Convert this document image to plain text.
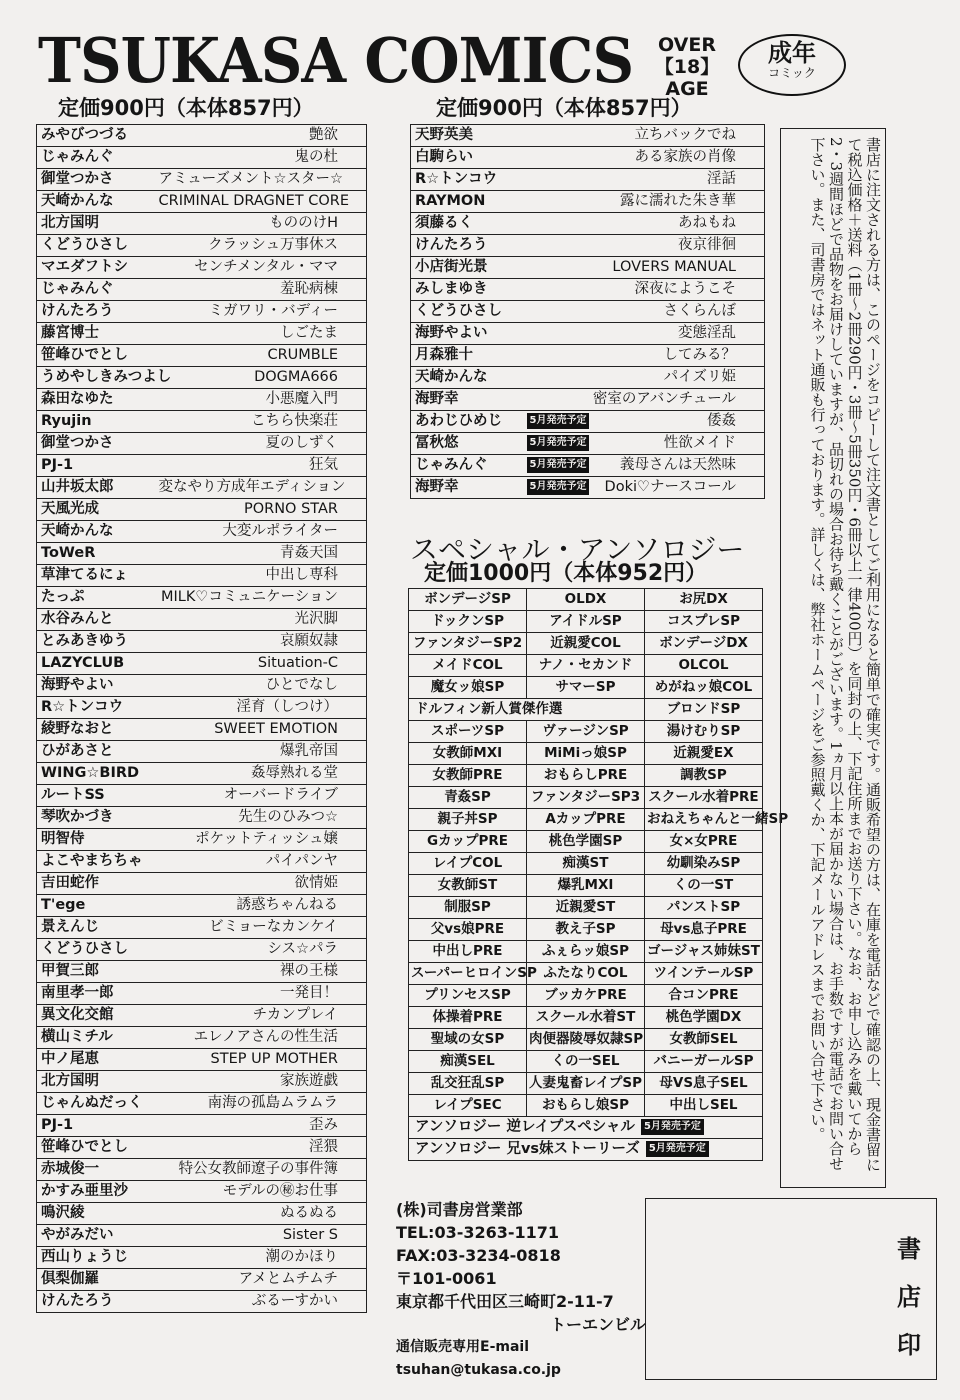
TSUKASA COMICS	OVER
【18】
AGE
成年
コミック
定価900円（本体857円）	定価900円（本体857円）
みやびつづる	艶欲
じゃみんぐ	鬼の杜
御堂つかさ	アミューズメント☆スター☆
天崎かんな	CRIMINAL DRAGNET CORE
北方国明	もののけH
くどうひさし	クラッシュ万事休ス
マエダフトシ	センチメンタル・ママ
じゃみんぐ	羞恥病棟
けんたろう	ミガワリ・バディー
藤宮博士	しごたま
笹峰ひでとし	CRUMBLE
うめやしきみつよし	DOGMA666
森田なゆた	小悪魔入門
Ryujin	こちら快楽荘
御堂つかさ	夏のしずく
PJ-1	狂気
山井坂太郎	変なやり方成年エディション
天風光成	PORNO STAR
天崎かんな	大変ルポライター
ToWeR	青姦天国
草津てるにょ	中出し専科
たっぷ	MILK♡コミュニケーション
水谷みんと	光沢脚
とみあきゆう	哀願奴隷
LAZYCLUB	Situation-C
海野やよい	ひとでなし
R☆トンコウ	淫育（しつけ）
綾野なおと	SWEET EMOTION
ひがあさと	爆乳帝国
WING☆BIRD	姦辱熟れる堂
ルートSS	オーバードライブ
琴吹かづき	先生のひみつ☆
明智侍	ポケットティッシュ嬢
よこやまちちゃ	パイパンヤ
吉田蛇作	欲情姫
T'ege	誘惑ちゃんねる
景えんじ	ビミョーなカンケイ
くどうひさし	シス☆パラ
甲賀三郎	裸の王様
南里孝一郎	一発目！
異文化交館	チカンプレイ
横山ミチル	エレノアさんの性生活
中ノ尾恵	STEP UP MOTHER
北方国明	家族遊戯
じゃんぬだっく	南海の孤島ムラムラ
PJ-1	歪み
笹峰ひでとし	淫猥
赤城俊一	特公女教師遼子の事件簿
かすみ亜里沙	モデルの㊙お仕事
鳴沢綾	ぬるぬる
やがみだい	Sister S
西山りょうじ	潮のかほり
倶梨伽羅	アメとムチムチ
けんたろう	ぶるーすかい
天野英美	立ちバックでね
白駒らい	ある家族の肖像
R☆トンコウ	淫話
RAYMON	露に濡れた朱き華
須藤るく	あねもね
けんたろう	夜京徘徊
小店街光景	LOVERS MANUAL
みしまゆき	深夜にようこそ
くどうひさし	さくらんぼ
海野やよい	変態淫乱
月森雅十	してみる？
天崎かんな	パイズリ姫
海野幸	密室のアバンチュール
あわじひめじ	5月発売予定 倭姦

冨秋悠	5月発売予定 性欲メイド

じゃみんぐ	5月発売予定 義母さんは天然味

海野幸	5月発売予定 Doki♡ナースコール
スペシャル・アンソロジー
定価1000円（本体952円）
ボンデージSP	OLDX	お尻DX
ドックンSP	アイドルSP	コスプレSP
ファンタジーSP2	近親愛COL	ボンデージDX
メイドCOL	ナノ・セカンド	OLCOL
魔女ッ娘SP	サマーSP	めがねッ娘COL
ドルフィン新人賞傑作選		ブロンドSP
スポーツSP	ヴァージンSP	湯けむりSP
女教師MXI	MiMiっ娘SP	近親愛EX
女教師PRE	おもらしPRE	調教SP
青姦SP	ファンタジーSP3	スクール水着PRE
親子丼SP	AカップPRE	おねえちゃんと一緒SP
GカップPRE	桃色学園SP	女×女PRE
レイプCOL	痴漢ST	幼馴染みSP
女教師ST	爆乳MXI	くの一ST
制服SP	近親愛ST	パンストSP
父vs娘PRE	教え子SP	母vs息子PRE
中出しPRE	ふぇらッ娘SP	ゴージャス姉妹ST
スーパーヒロインSP	ふたなりCOL	ツインテールSP
プリンセスSP	ブッカケPRE	合コンPRE
体操着PRE	スクール水着ST	桃色学園DX
聖域の女SP	肉便器陵辱奴隷SP	女教師SEL
痴漢SEL	くの一SEL	バニーガールSP
乱交狂乱SP	人妻鬼畜レイプSP	母VS息子SEL
レイプSEC	おもらし娘SP	中出しSEL
アンソロジー 逆レイプスペシャル 5月発売予定		
アンソロジー 兄vs妹ストーリーズ 5月発売予定			書店に注文される方は、このページをコピーして注文書としてご利用になると簡単で確実です。通販希望の方は、在庫を電話などで確認の上、現金書留にて税込価格＋送料（1冊〜2冊290円・3冊〜5冊350円・6冊以上一律400円）を同封の上、下記住所までお送り下さい。なお、お申し込みを戴いてから2・3週間ほどで品物をお届けしていますが、品切れの場合お待ち戴くことがございます。1ヵ月以上本が届かない場合は、お手数ですが電話でお問い合せ下さい。また、司書房ではネット通販も行っております。詳しくは、弊社ホームページをご参照戴くか、下記メールアドレスまでお問い合せ下さい。
(株)司書房営業部
TEL:03-3263-1171
FAX:03-3234-0818
〒101-0061
東京都千代田区三崎町2-11-7
トーエンビル
通信販売専用E-mail
tsuhan@tukasa.co.jp
書
店
印
